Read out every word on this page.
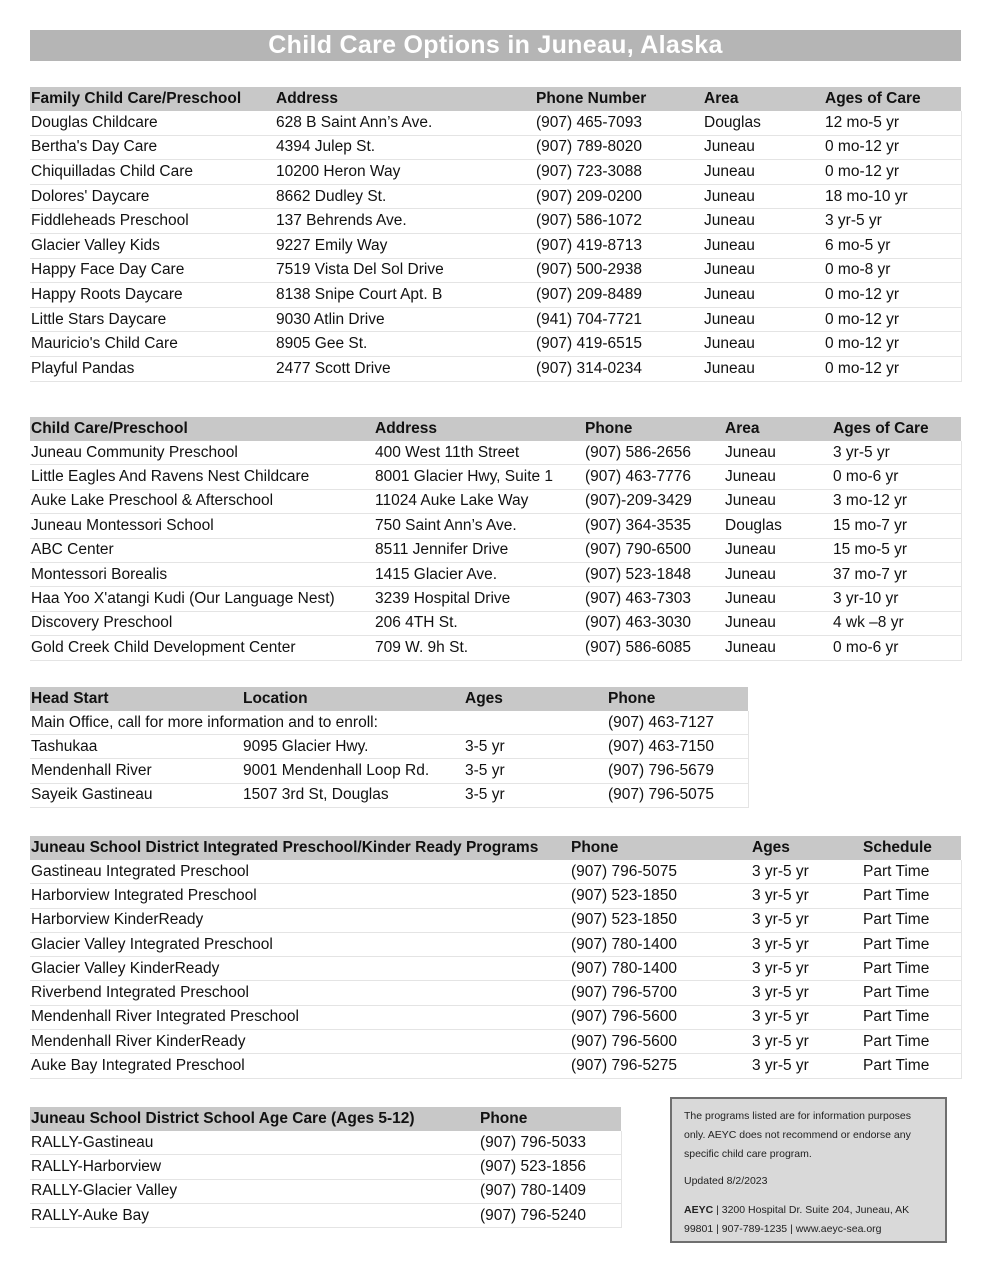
Child Care Options in Juneau, Alaska
Family Child Care/Preschool	Address	Phone Number	Area	Ages of Care
Douglas Childcare	628 B Saint Ann’s Ave.	(907) 465-7093	Douglas	12 mo-5 yr
Bertha's Day Care	4394 Julep St.	(907) 789-8020	Juneau	0 mo-12 yr
Chiquilladas Child Care	10200 Heron Way	(907) 723-3088	Juneau	0 mo-12 yr
Dolores' Daycare	8662 Dudley St.	(907) 209-0200	Juneau	18 mo-10 yr
Fiddleheads Preschool	137 Behrends Ave.	(907) 586-1072	Juneau	3 yr-5 yr
Glacier Valley Kids	9227 Emily Way	(907) 419-8713	Juneau	6 mo-5 yr
Happy Face Day Care	7519 Vista Del Sol Drive	(907) 500-2938	Juneau	0 mo-8 yr
Happy Roots Daycare	8138 Snipe Court Apt. B	(907) 209-8489	Juneau	0 mo-12 yr
Little Stars Daycare	9030 Atlin Drive	(941) 704-7721	Juneau	0 mo-12 yr
Mauricio's Child Care	8905 Gee St.	(907) 419-6515	Juneau	0 mo-12 yr
Playful Pandas	2477 Scott Drive	(907) 314-0234	Juneau	0 mo-12 yr
Child Care/Preschool	Address	Phone	Area	Ages of Care
Juneau Community Preschool	400 West 11th Street	(907) 586-2656	Juneau	3 yr-5 yr
Little Eagles And Ravens Nest Childcare	8001 Glacier Hwy, Suite 1	(907) 463-7776	Juneau	0 mo-6 yr
Auke Lake Preschool & Afterschool	11024 Auke Lake Way	(907)-209-3429	Juneau	3 mo-12 yr
Juneau Montessori School	750 Saint Ann’s Ave.	(907) 364-3535	Douglas	15 mo-7 yr
ABC Center	8511 Jennifer Drive	(907) 790-6500	Juneau	15 mo-5 yr
Montessori Borealis	1415 Glacier Ave.	(907) 523-1848	Juneau	37 mo-7 yr
Haa Yoo X'atangi Kudi (Our Language Nest)	3239 Hospital Drive	(907) 463-7303	Juneau	3 yr-10 yr
Discovery Preschool	206 4TH St.	(907) 463-3030	Juneau	4 wk –8 yr
Gold Creek Child Development Center	709 W. 9h St.	(907) 586-6085	Juneau	0 mo-6 yr
Head Start	Location	Ages	Phone
Main Office, call for more information and to enroll:			(907) 463-7127
Tashukaa	9095 Glacier Hwy.	3-5 yr	(907) 463-7150
Mendenhall River	9001 Mendenhall Loop Rd.	3-5 yr	(907) 796-5679
Sayeik Gastineau	1507 3rd St, Douglas	3-5 yr	(907) 796-5075
Juneau School District Integrated Preschool/Kinder Ready Programs	Phone	Ages	Schedule
Gastineau Integrated Preschool	(907) 796-5075	3 yr-5 yr	Part Time
Harborview Integrated Preschool	(907) 523-1850	3 yr-5 yr	Part Time
Harborview KinderReady	(907) 523-1850	3 yr-5 yr	Part Time
Glacier Valley Integrated Preschool	(907) 780-1400	3 yr-5 yr	Part Time
Glacier Valley KinderReady	(907) 780-1400	3 yr-5 yr	Part Time
Riverbend Integrated Preschool	(907) 796-5700	3 yr-5 yr	Part Time
Mendenhall River Integrated Preschool	(907) 796-5600	3 yr-5 yr	Part Time
Mendenhall River KinderReady	(907) 796-5600	3 yr-5 yr	Part Time
Auke Bay Integrated Preschool	(907) 796-5275	3 yr-5 yr	Part Time
Juneau School District School Age Care (Ages 5-12)	Phone
RALLY-Gastineau	(907) 796-5033
RALLY-Harborview	(907) 523-1856
RALLY-Glacier Valley	(907) 780-1409
RALLY-Auke Bay	(907) 796-5240

The programs listed are for information purposes only. AEYC does not recommend or endorse any specific child care program.

Updated 8/2/2023

AEYC | 3200 Hospital Dr. Suite 204, Juneau, AK 99801 | 907-789-1235 | www.aeyc-sea.org
